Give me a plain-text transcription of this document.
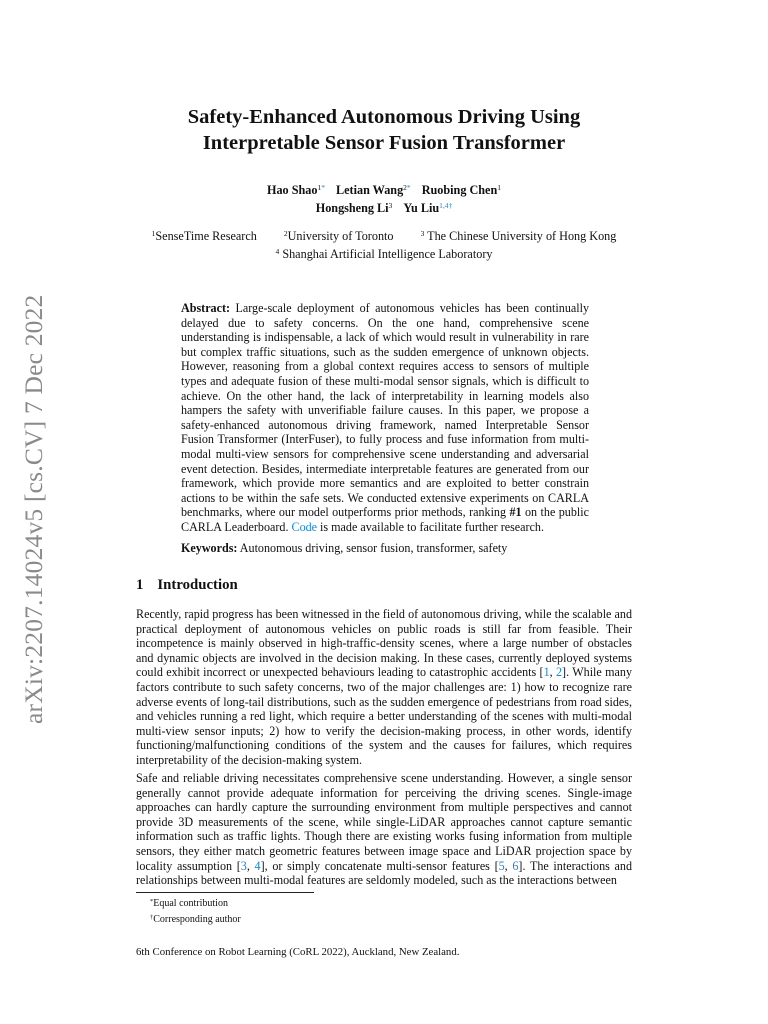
arXiv:2207.14024v5 [cs.CV] 7 Dec 2022
Safety-Enhanced Autonomous Driving Using
Interpretable Sensor Fusion Transformer
Hao Shao$^{1*}$ Letian Wang$^{2*}$ Ruobing Chen$^1$
Hongsheng Li$^3$ Yu Liu$^{1,4\dagger}$
$^1$SenseTime Research	$^2$University of Toronto	$^3$ The Chinese University of Hong Kong
$^4$ Shanghai Artificial Intelligence Laboratory

Abstract: Large-scale deployment of autonomous vehicles has been continually delayed due to safety concerns. On the one hand, comprehensive scene understanding is indispensable, a lack of which would result in vulnerability in rare but complex traffic situations, such as the sudden emergence of unknown objects. However, reasoning from a global context requires access to sensors of multiple types and adequate fusion of these multi-modal sensor signals, which is difficult to achieve. On the other hand, the lack of interpretability in learning models also hampers the safety with unverifiable failure causes. In this paper, we propose a safety-enhanced autonomous driving framework, named Interpretable Sensor Fusion Transformer (InterFuser), to fully process and fuse information from multi-modal multi-view sensors for comprehensive scene understanding and adversarial event detection. Besides, intermediate interpretable features are generated from our framework, which provide more semantics and are exploited to better constrain actions to be within the safe sets. We conducted extensive experiments on CARLA benchmarks, where our model outperforms prior methods, ranking #1 on the public CARLA Leaderboard. Code is made available to facilitate further research.

Keywords: Autonomous driving, sensor fusion, transformer, safety
1 Introduction

Recently, rapid progress has been witnessed in the field of autonomous driving, while the scalable and practical deployment of autonomous vehicles on public roads is still far from feasible. Their incompetence is mainly observed in high-traffic-density scenes, where a large number of obstacles and dynamic objects are involved in the decision making. In these cases, currently deployed systems could exhibit incorrect or unexpected behaviours leading to catastrophic accidents [1, 2]. While many factors contribute to such safety concerns, two of the major challenges are: 1) how to recognize rare adverse events of long-tail distributions, such as the sudden emergence of pedestrians from road sides, and vehicles running a red light, which require a better understanding of the scenes with multi-modal multi-view sensor inputs; 2) how to verify the decision-making process, in other words, identify functioning/malfunctioning conditions of the system and the causes for failures, which requires interpretability of the decision-making system.

Safe and reliable driving necessitates comprehensive scene understanding. However, a single sensor generally cannot provide adequate information for perceiving the driving scenes. Single-image approaches can hardly capture the surrounding environment from multiple perspectives and cannot provide 3D measurements of the scene, while single-LiDAR approaches cannot capture semantic information such as traffic lights. Though there are existing works fusing information from multiple sensors, they either match geometric features between image space and LiDAR projection space by locality assumption [3, 4], or simply concatenate multi-sensor features [5, 6]. The interactions and relationships between multi-modal features are seldomly modeled, such as the interactions between

*Equal contribution
†Corresponding author
6th Conference on Robot Learning (CoRL 2022), Auckland, New Zealand.
